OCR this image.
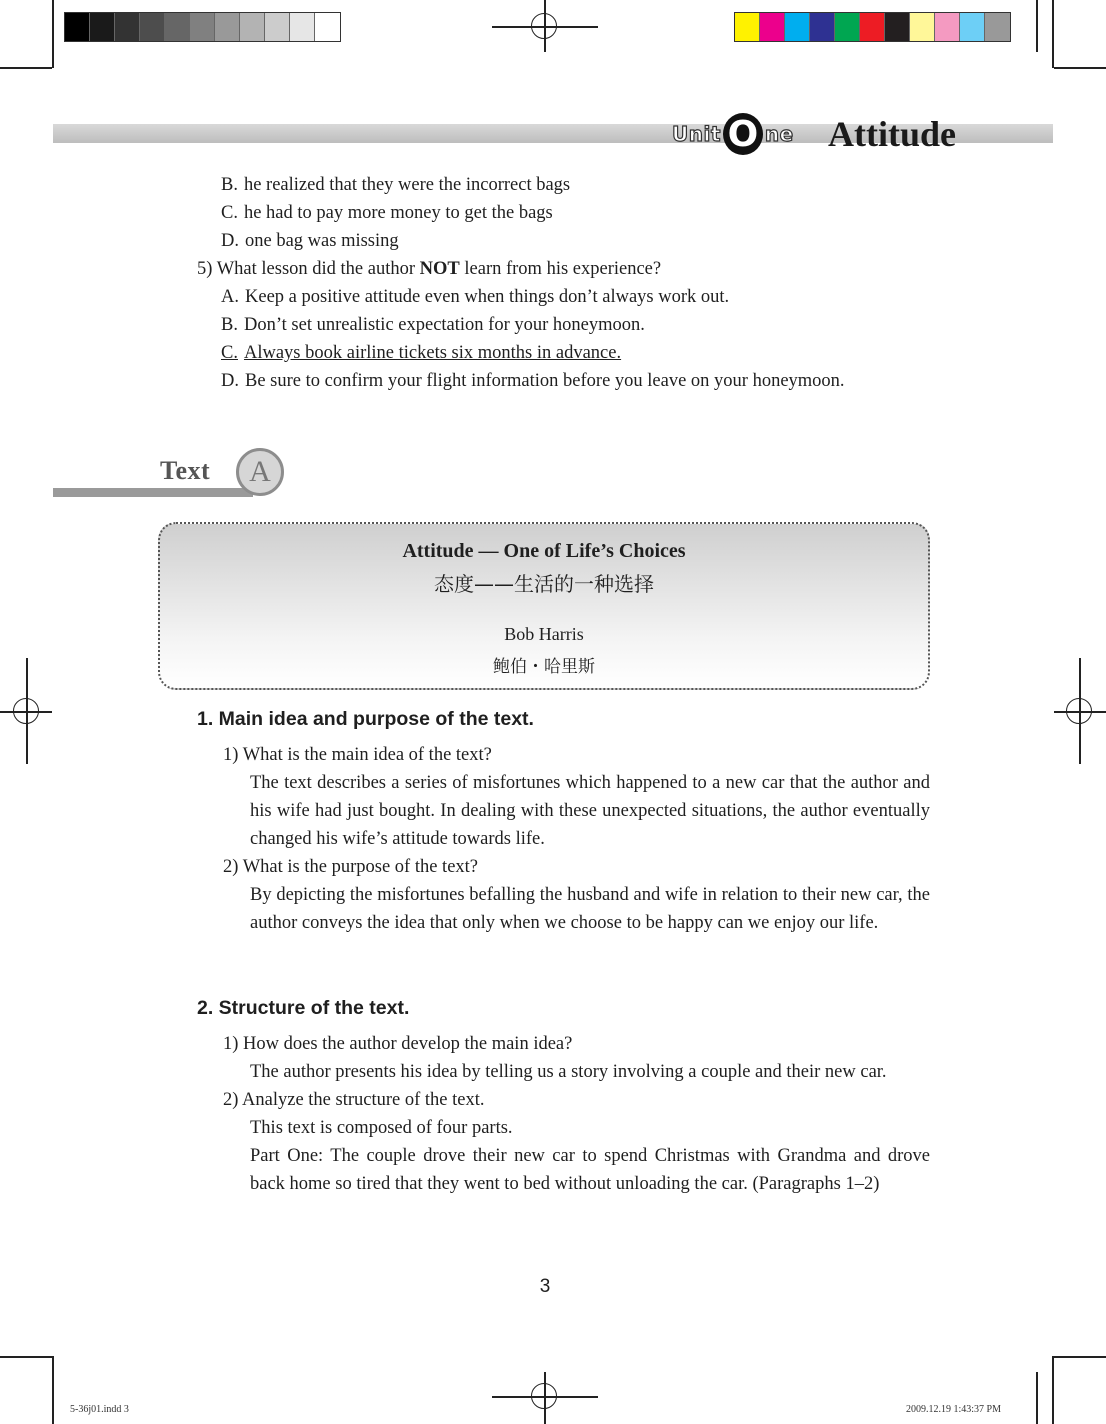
Unit O ne Attitude
B. he realized that they were the incorrect bags
C. he had to pay more money to get the bags
D. one bag was missing
5) What lesson did the author NOT learn from his experience?
A. Keep a positive attitude even when things don’t always work out.
B. Don’t set unrealistic expectation for your honeymoon.
C. Always book airline tickets six months in advance.
D. Be sure to confirm your flight information before you leave on your honeymoon.
Text	A
Attitude — One of Life’s Choices
态度——生活的一种选择
Bob Harris
鲍伯・哈里斯
1. Main idea and purpose of the text.
1) What is the main idea of the text?
The text describes a series of misfortunes which happened to a new car that the author and his wife had just bought. In dealing with these unexpected situations, the author eventually changed his wife’s attitude towards life.
2) What is the purpose of the text?
By depicting the misfortunes befalling the husband and wife in relation to their new car, the author conveys the idea that only when we choose to be happy can we enjoy our life.
2. Structure of the text.
1) How does the author develop the main idea?
The author presents his idea by telling us a story involving a couple and their new car.
2) Analyze the structure of the text.
This text is composed of four parts.
Part One: The couple drove their new car to spend Christmas with Grandma and drove back home so tired that they went to bed without unloading the car. (Paragraphs 1–2)
3
5-36j01.indd 3	2009.12.19 1:43:37 PM
